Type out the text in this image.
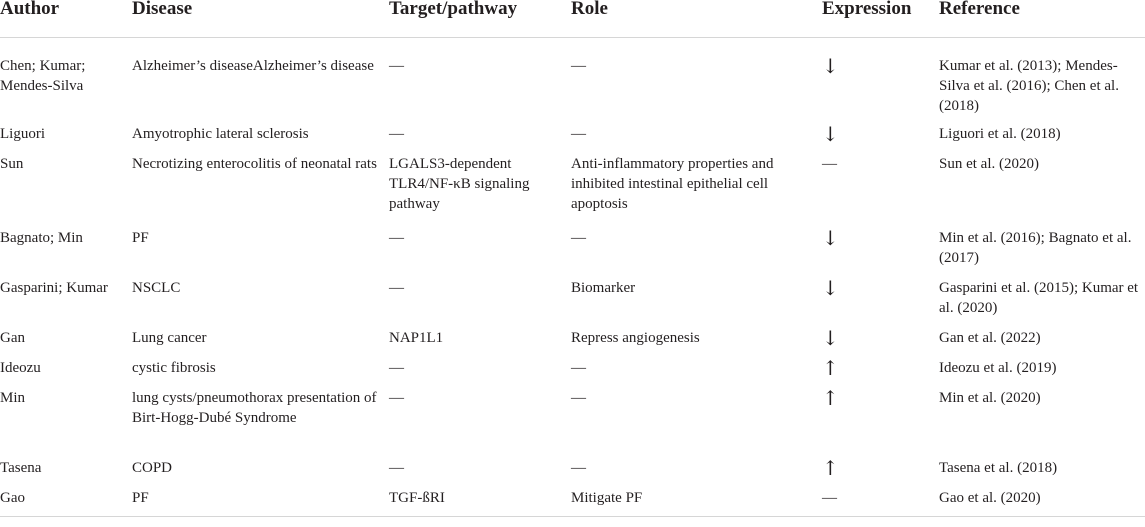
Author	Disease	Target/pathway	Role	Expression	Reference

Chen; Kumar; Mendes-Silva	Alzheimer’s diseaseAlzheimer’s disease	—	—	↓	Kumar et al. (2013); Mendes-Silva et al. (2016); Chen et al. (2018)

Liguori	Amyotrophic lateral sclerosis	—	—	↓	Liguori et al. (2018)

Sun	Necrotizing enterocolitis of neonatal rats	LGALS3-dependent TLR4/NF-κB signaling pathway	Anti-inflammatory properties and inhibited intestinal epithelial cell apoptosis	—	Sun et al. (2020)

Bagnato; Min	PF	—	—	↓	Min et al. (2016); Bagnato et al. (2017)

Gasparini; Kumar	NSCLC	—	Biomarker	↓	Gasparini et al. (2015); Kumar et al. (2020)

Gan	Lung cancer	NAP1L1	Repress angiogenesis	↓	Gan et al. (2022)

Ideozu	cystic fibrosis	—	—	↑	Ideozu et al. (2019)

Min	lung cysts/pneumothorax presentation of Birt-Hogg-Dubé Syndrome	—	—	↑	Min et al. (2020)

Tasena	COPD	—	—	↑	Tasena et al. (2018)

Gao	PF	TGF-ßRI	Mitigate PF	—	Gao et al. (2020)
